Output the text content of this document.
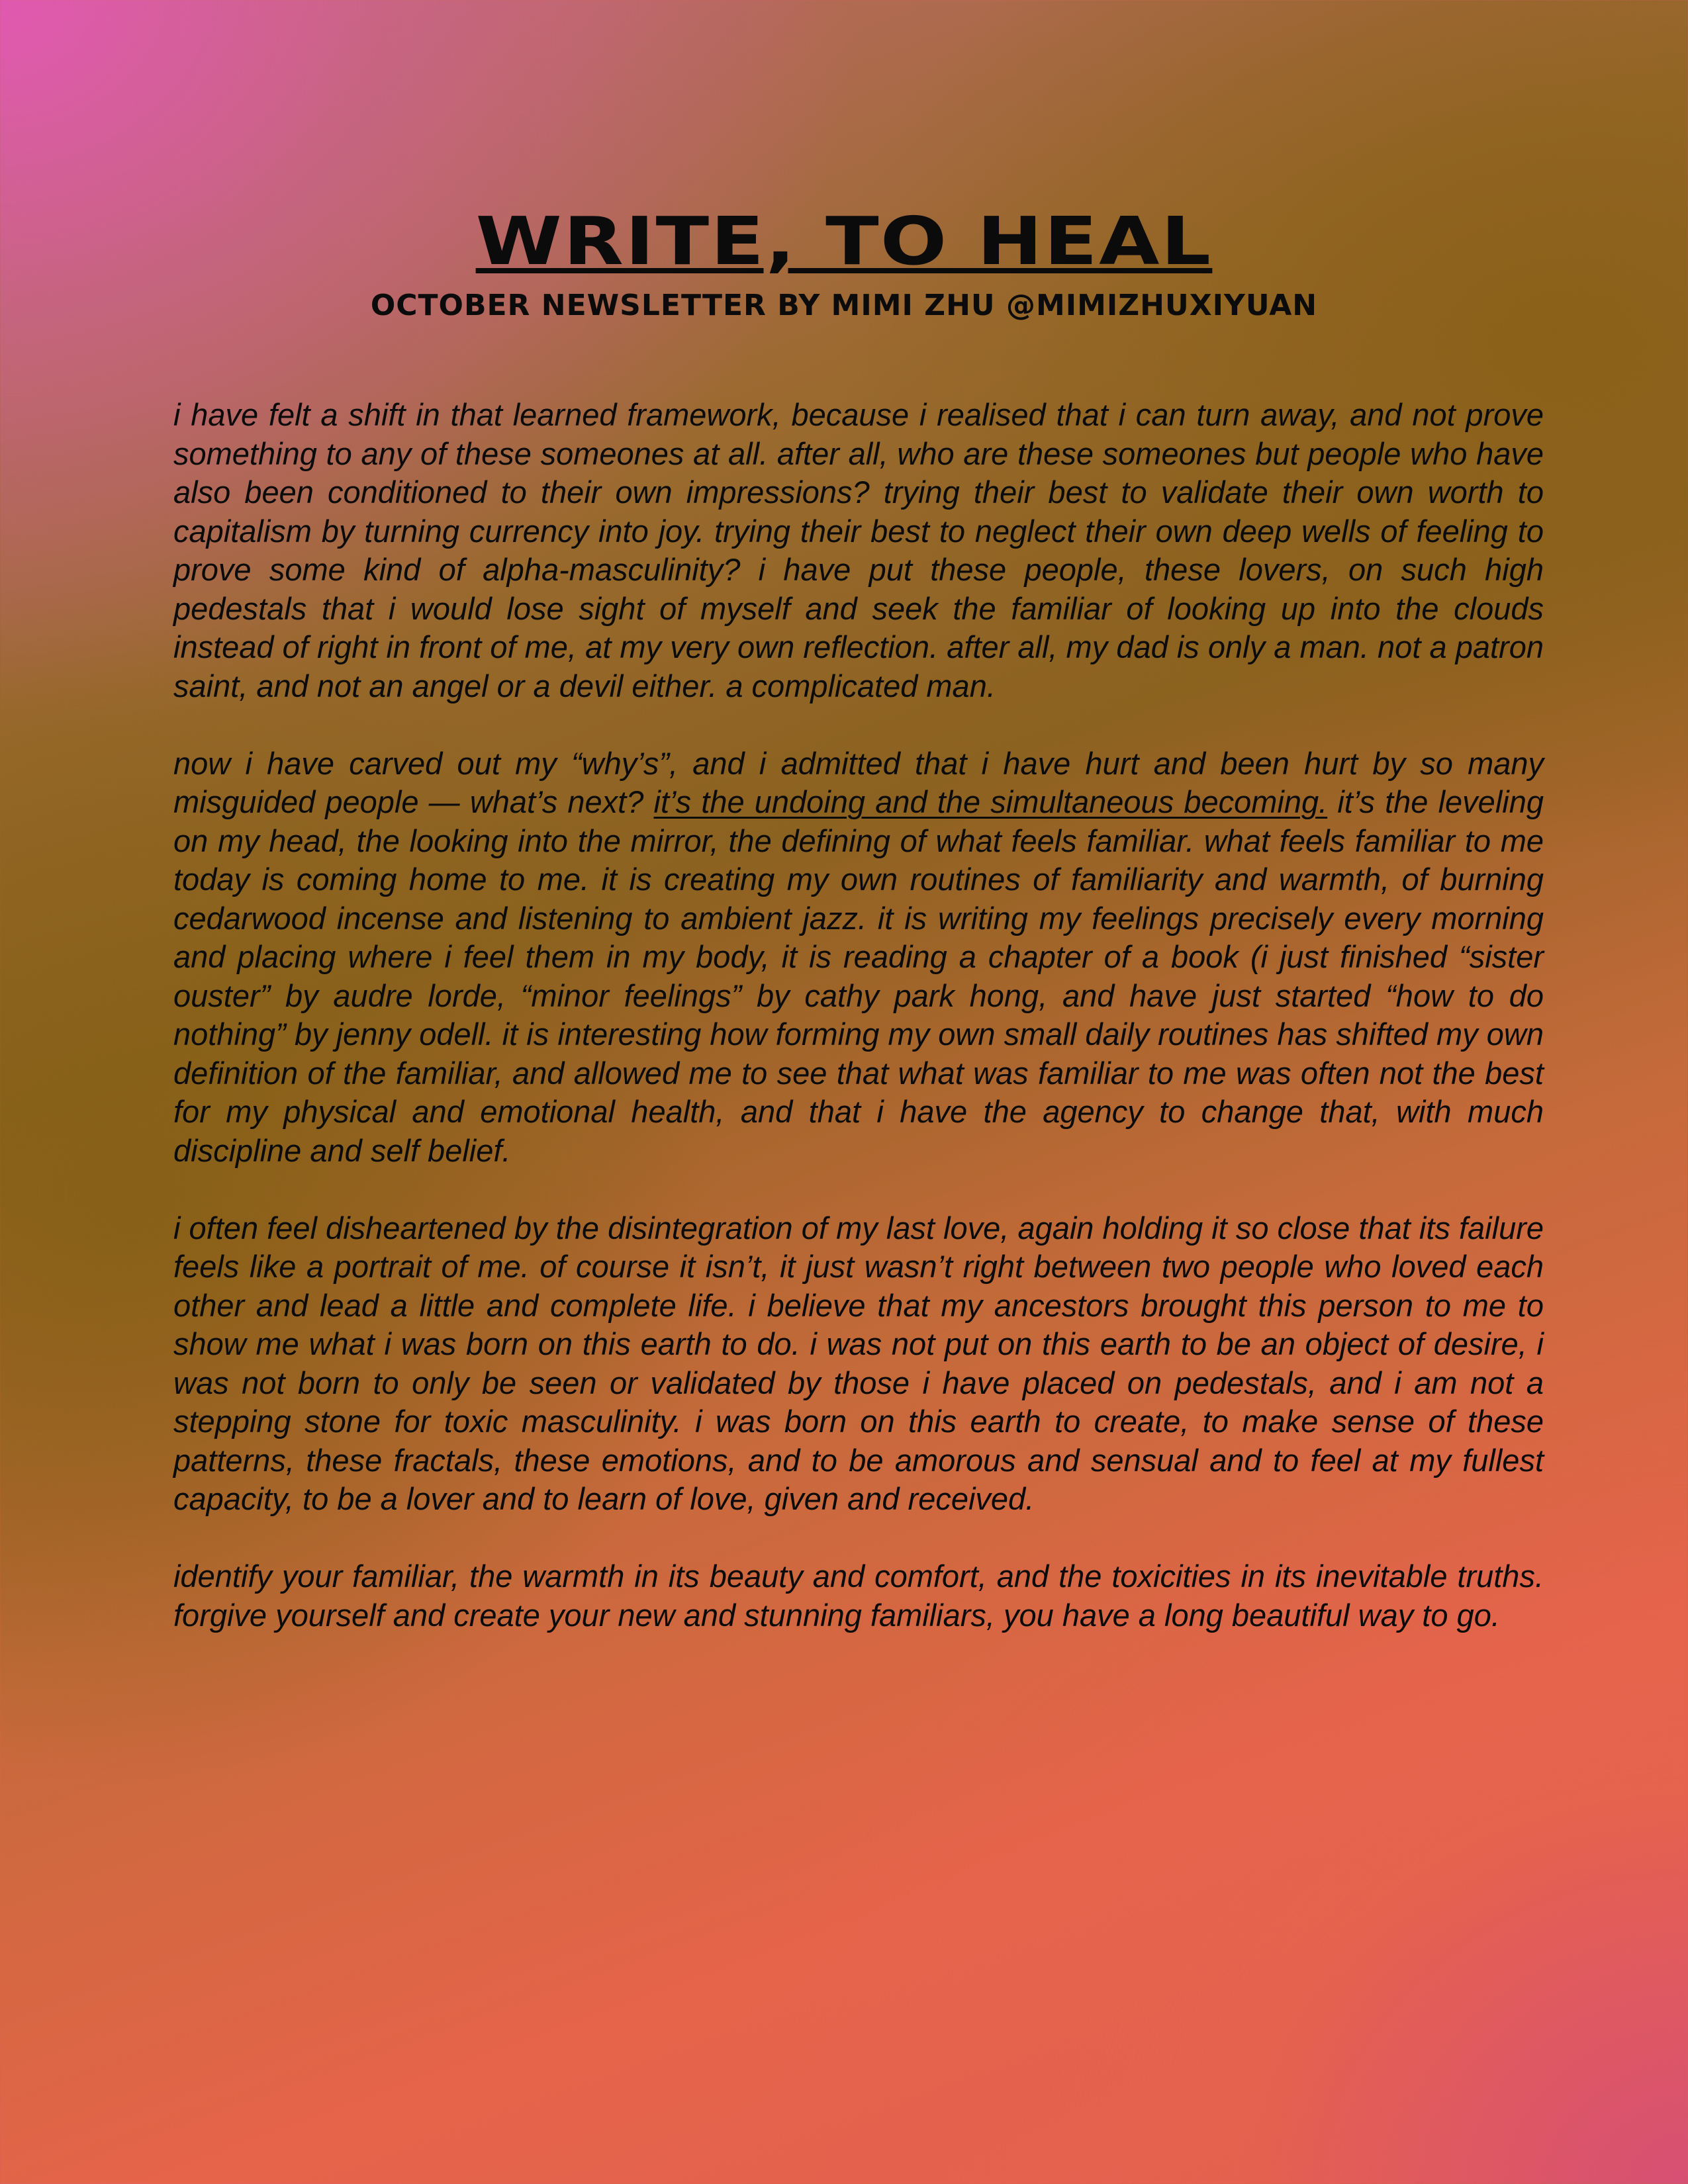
WRITE, TO HEAL
OCTOBER NEWSLETTER BY MIMI ZHU @MIMIZHUXIYUAN

i have felt a shift in that learned framework, because i realised that i can turn away, and not prove something to any of these someones at all. after all, who are these someones but people who have also been conditioned to their own impressions? trying their best to validate their own worth to capitalism by turning currency into joy. trying their best to neglect their own deep wells of feeling to prove some kind of alpha-masculinity? i have put these people, these lovers, on such high pedestals that i would lose sight of myself and seek the familiar of looking up into the clouds instead of right in front of me, at my very own reflection. after all, my dad is only a man. not a patron saint, and not an angel or a devil either. a complicated man.

now i have carved out my “why’s”, and i admitted that i have hurt and been hurt by so many misguided people — what’s next? it’s the undoing and the simultaneous becoming. it’s the leveling on my head, the looking into the mirror, the defining of what feels familiar. what feels familiar to me today is coming home to me. it is creating my own routines of familiarity and warmth, of burning cedarwood incense and listening to ambient jazz. it is writing my feelings precisely every morning and placing where i feel them in my body, it is reading a chapter of a book (i just finished “sister ouster” by audre lorde, “minor feelings” by cathy park hong, and have just started “how to do nothing” by jenny odell. it is interesting how forming my own small daily routines has shifted my own definition of the familiar, and allowed me to see that what was familiar to me was often not the best for my physical and emotional health, and that i have the agency to change that, with much discipline and self belief.

i often feel disheartened by the disintegration of my last love, again holding it so close that its failure feels like a portrait of me. of course it isn’t, it just wasn’t right between two people who loved each other and lead a little and complete life. i believe that my ancestors brought this person to me to show me what i was born on this earth to do. i was not put on this earth to be an object of desire, i was not born to only be seen or validated by those i have placed on pedestals, and i am not a stepping stone for toxic masculinity. i was born on this earth to create, to make sense of these patterns, these fractals, these emotions, and to be amorous and sensual and to feel at my fullest capacity, to be a lover and to learn of love, given and received.

identify your familiar, the warmth in its beauty and comfort, and the toxicities in its inevitable truths. forgive yourself and create your new and stunning familiars, you have a long beautiful way to go.
